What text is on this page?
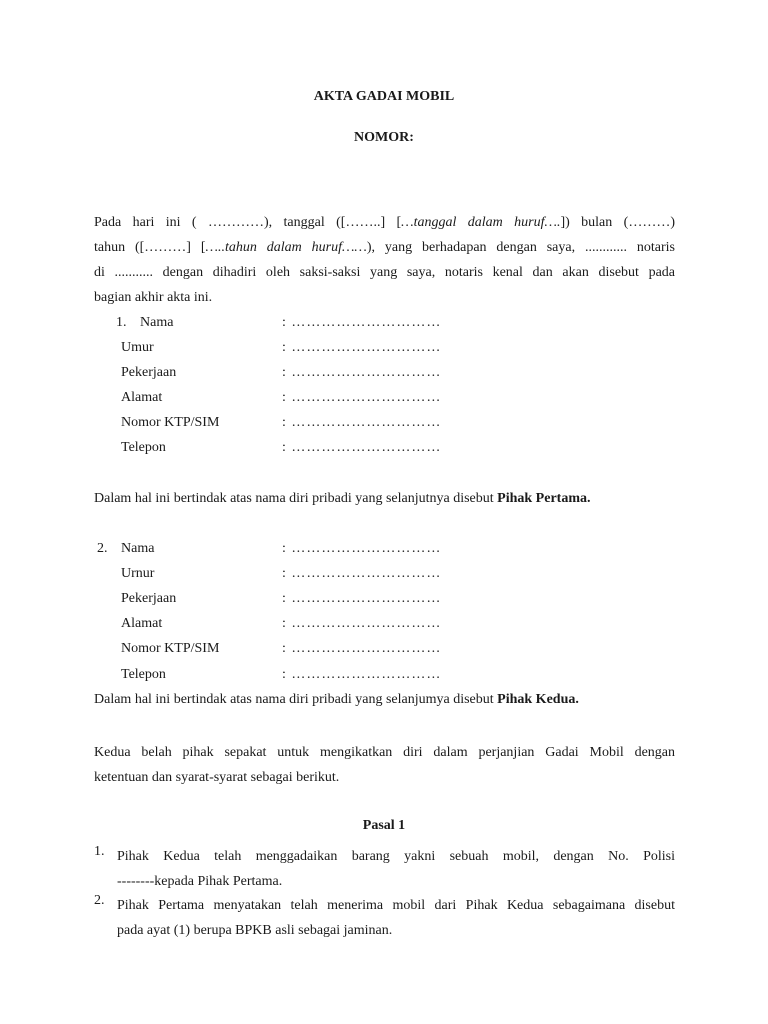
AKTA GADAI MOBIL
NOMOR:
Pada hari ini ( …………), tanggal ([……..] […tanggal dalam huruf….]) bulan (………)
tahun ([………] […..tahun dalam huruf……), yang berhadapan dengan saya, ............ notaris
di ........... dengan dihadiri oleh saksi-saksi yang saya, notaris kenal dan akan disebut pada
bagian akhir akta ini.
1. Nama	: …………………………
Umur	: …………………………
Pekerjaan	: …………………………
Alamat	: …………………………
Nomor KTP/SIM	: …………………………
Telepon	: …………………………
Dalam hal ini bertindak atas nama diri pribadi yang selanjutnya disebut Pihak Pertama.
2. Nama	: …………………………
Urnur	: …………………………
Pekerjaan	: …………………………
Alamat	: …………………………
Nomor KTP/SIM	: …………………………
Telepon	: …………………………
Dalam hal ini bertindak atas nama diri pribadi yang selanjumya disebut Pihak Kedua.
Kedua belah pihak sepakat untuk mengikatkan diri dalam perjanjian Gadai Mobil dengan
ketentuan dan syarat-syarat sebagai berikut.
Pasal 1
1. Pihak Kedua telah menggadaikan barang yakni sebuah mobil, dengan No. Polisi
--------kepada Pihak Pertama.
2. Pihak Pertama menyatakan telah menerima mobil dari Pihak Kedua sebagaimana disebut
pada ayat (1) berupa BPKB asli sebagai jaminan.
